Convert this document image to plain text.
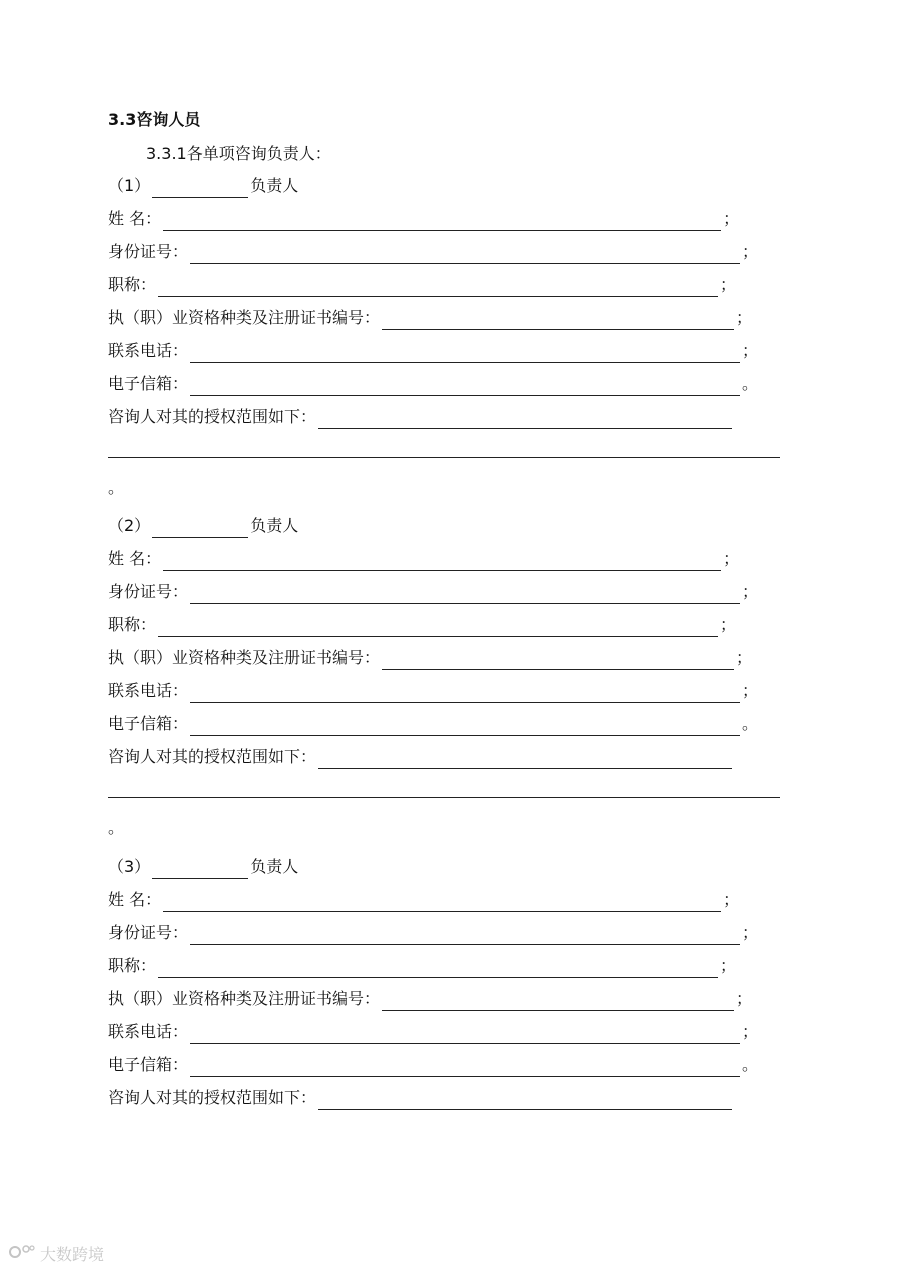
3.3咨询人员
3.3.1各单项咨询负责人：
（1）	负责人
姓 名：	；
身份证号：	；
职称：	；
执（职）业资格种类及注册证书编号：	；
联系电话：	；
电子信箱：	。
咨询人对其的授权范围如下：
。
（2）	负责人
姓 名：	；
身份证号：	；
职称：	；
执（职）业资格种类及注册证书编号：	；
联系电话：	；
电子信箱：	。
咨询人对其的授权范围如下：
。
（3）	负责人
姓 名：	；
身份证号：	；
职称：	；
执（职）业资格种类及注册证书编号：	；
联系电话：	；
电子信箱：	。
咨询人对其的授权范围如下：
大数跨境
